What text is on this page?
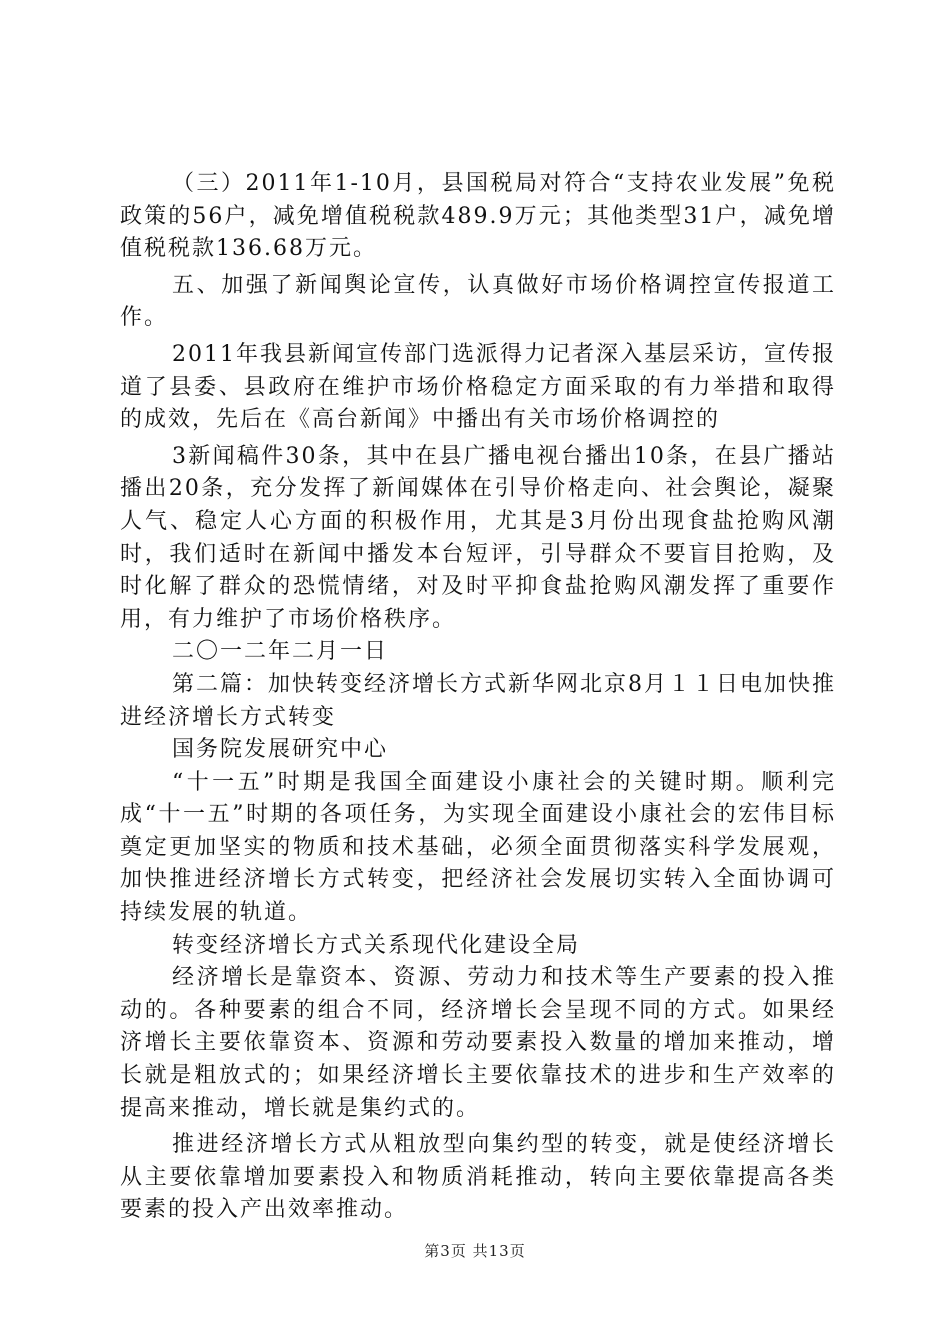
（三）2011年1-10月，县国税局对符合“支持农业发展”免税政策的56户，减免增值税税款489.9万元；其他类型31户，减免增值税税款136.68万元。

五、加强了新闻舆论宣传，认真做好市场价格调控宣传报道工作。

2011年我县新闻宣传部门选派得力记者深入基层采访，宣传报道了县委、县政府在维护市场价格稳定方面采取的有力举措和取得的成效，先后在《高台新闻》中播出有关市场价格调控的

3新闻稿件30条，其中在县广播电视台播出10条，在县广播站播出20条，充分发挥了新闻媒体在引导价格走向、社会舆论，凝聚人气、稳定人心方面的积极作用，尤其是3月份出现食盐抢购风潮时，我们适时在新闻中播发本台短评，引导群众不要盲目抢购，及时化解了群众的恐慌情绪，对及时平抑食盐抢购风潮发挥了重要作用，有力维护了市场价格秩序。

二〇一二年二月一日

第二篇：加快转变经济增长方式新华网北京8月１１日电加快推进经济增长方式转变

国务院发展研究中心

“十一五”时期是我国全面建设小康社会的关键时期。顺利完成“十一五”时期的各项任务，为实现全面建设小康社会的宏伟目标奠定更加坚实的物质和技术基础，必须全面贯彻落实科学发展观，加快推进经济增长方式转变，把经济社会发展切实转入全面协调可持续发展的轨道。

转变经济增长方式关系现代化建设全局

经济增长是靠资本、资源、劳动力和技术等生产要素的投入推动的。各种要素的组合不同，经济增长会呈现不同的方式。如果经济增长主要依靠资本、资源和劳动要素投入数量的增加来推动，增长就是粗放式的；如果经济增长主要依靠技术的进步和生产效率的提高来推动，增长就是集约式的。

推进经济增长方式从粗放型向集约型的转变，就是使经济增长从主要依靠增加要素投入和物质消耗推动，转向主要依靠提高各类要素的投入产出效率推动。

第3页 共13页
